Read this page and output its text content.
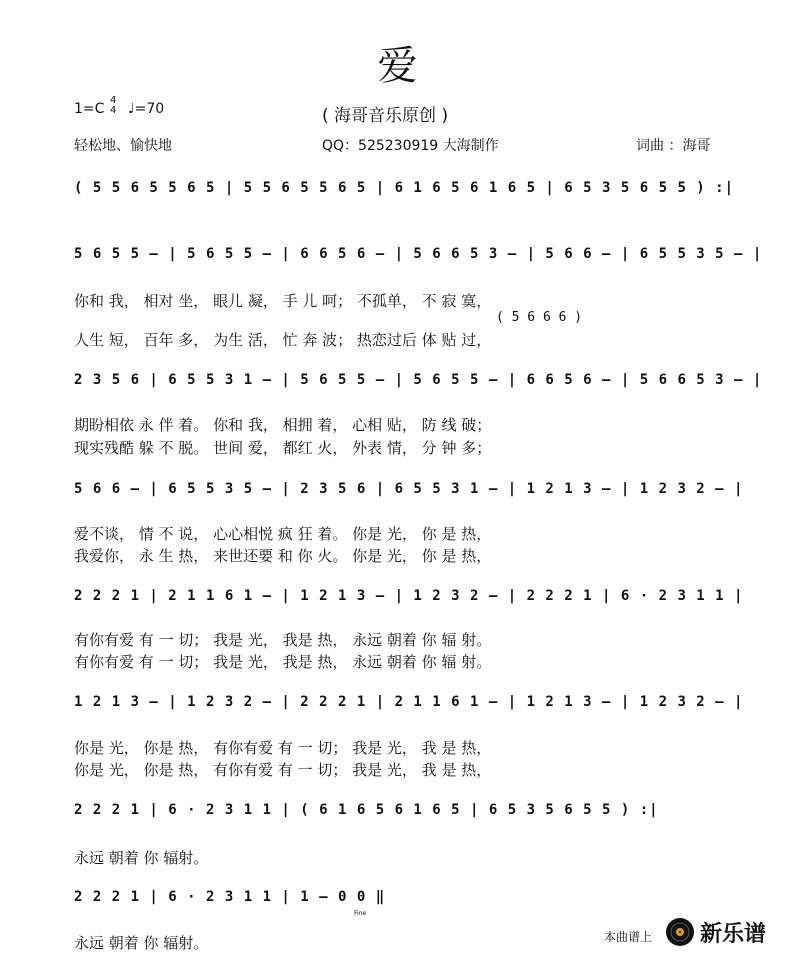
爱
1=C
4
4 ♩=70	( 海哥音乐原创 )
轻松地、愉快地	QQ：525230919 大海制作	词曲 ：海哥
( 5 5 6 5 5 6 5 | 5 5 6 5 5 6 5 | 6 1 6 5 6 1 6 5 | 6 5 3 5 6 5 5 ) :|
5 6 5 5 — | 5 6 5 5 — | 6 6 5 6 — | 5 6 6 5 3 — | 5 6 6 — | 6 5 5 3 5 — |
你和 我， 相对 坐， 眼儿 凝， 手 儿 呵； 不孤单， 不 寂 寞，
( 5 6 6 6 )
人生 短， 百年 多， 为生 活， 忙 奔 波； 热恋过后 体 贴 过，
2 3 5 6 | 6 5 5 3 1 — | 5 6 5 5 — | 5 6 5 5 — | 6 6 5 6 — | 5 6 6 5 3 — |
期盼相依 永 伴 着。 你和 我， 相拥 着， 心相 贴， 防 线 破；
现实残酷 躲 不 脱。 世间 爱， 都红 火， 外表 情， 分 钟 多；
5 6 6 — | 6 5 5 3 5 — | 2 3 5 6 | 6 5 5 3 1 — | 1 2 1 3 — | 1 2 3 2 — |
爱不谈， 情 不 说， 心心相悦 疯 狂 着。 你是 光， 你 是 热，
我爱你， 永 生 热， 来世还要 和 你 火。 你是 光， 你 是 热，
2 2 2 1 | 2 1 1 6 1 — | 1 2 1 3 — | 1 2 3 2 — | 2 2 2 1 | 6 · 2 3 1 1 |
有你有爱 有 一 切； 我是 光， 我是 热， 永远 朝着 你 辐 射。
有你有爱 有 一 切； 我是 光， 我是 热， 永远 朝着 你 辐 射。
1 2 1 3 — | 1 2 3 2 — | 2 2 2 1 | 2 1 1 6 1 — | 1 2 1 3 — | 1 2 3 2 — |
你是 光， 你是 热， 有你有爱 有 一 切； 我是 光， 我 是 热，
你是 光， 你是 热， 有你有爱 有 一 切； 我是 光， 我 是 热，
2 2 2 1 | 6 · 2 3 1 1 | ( 6 1 6 5 6 1 6 5 | 6 5 3 5 6 5 5 ) :|
永远 朝着 你 辐射。
2 2 2 1 | 6 · 2 3 1 1 | 1 — 0 0 ‖
Fine
永远 朝着 你 辐射。	本曲谱上 新乐谱
